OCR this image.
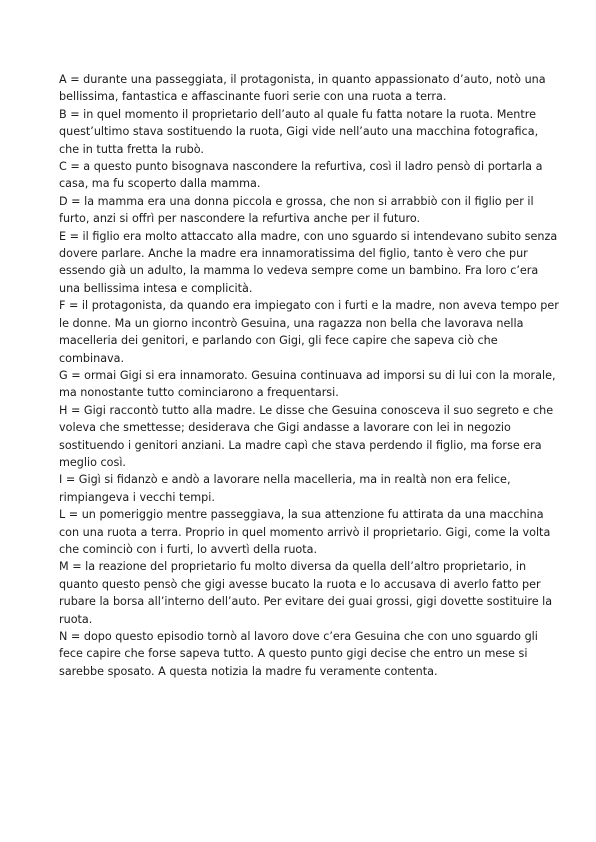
A = durante una passeggiata, il protagonista, in quanto appassionato d’auto, notò una bellissima, fantastica e affascinante fuori serie con una ruota a terra.

B = in quel momento il proprietario dell’auto al quale fu fatta notare la ruota. Mentre quest’ultimo stava sostituendo la ruota, Gigi vide nell’auto una macchina fotografica, che in tutta fretta la rubò.

C = a questo punto bisognava nascondere la refurtiva, così il ladro pensò di portarla a casa, ma fu scoperto dalla mamma.

D = la mamma era una donna piccola e grossa, che non si arrabbiò con il figlio per il furto, anzi si offrì per nascondere la refurtiva anche per il futuro.

E = il figlio era molto attaccato alla madre, con uno sguardo si intendevano subito senza dovere parlare. Anche la madre era innamoratissima del figlio, tanto è vero che pur essendo già un adulto, la mamma lo vedeva sempre come un bambino. Fra loro c’era una bellissima intesa e complicità.

F = il protagonista, da quando era impiegato con i furti e la madre, non aveva tempo per le donne. Ma un giorno incontrò Gesuina, una ragazza non bella che lavorava nella macelleria dei genitori, e parlando con Gigi, gli fece capire che sapeva ciò che combinava.

G = ormai Gigi si era innamorato. Gesuina continuava ad imporsi su di lui con la morale, ma nonostante tutto cominciarono a frequentarsi.

H = Gigi raccontò tutto alla madre. Le disse che Gesuina conosceva il suo segreto e che voleva che smettesse; desiderava che Gigi andasse a lavorare con lei in negozio sostituendo i genitori anziani. La madre capì che stava perdendo il figlio, ma forse era meglio così.

I = Gigì si fidanzò e andò a lavorare nella macelleria, ma in realtà non era felice, rimpiangeva i vecchi tempi.

L = un pomeriggio mentre passeggiava, la sua attenzione fu attirata da una macchina con una ruota a terra. Proprio in quel momento arrivò il proprietario. Gigi, come la volta che cominciò con i furti, lo avvertì della ruota.

M = la reazione del proprietario fu molto diversa da quella dell’altro proprietario, in quanto questo pensò che gigi avesse bucato la ruota e lo accusava di averlo fatto per rubare la borsa all’interno dell’auto. Per evitare dei guai grossi, gigi dovette sostituire la ruota.

N = dopo questo episodio tornò al lavoro dove c’era Gesuina che con uno sguardo gli fece capire che forse sapeva tutto. A questo punto gigi decise che entro un mese si sarebbe sposato. A questa notizia la madre fu veramente contenta.
